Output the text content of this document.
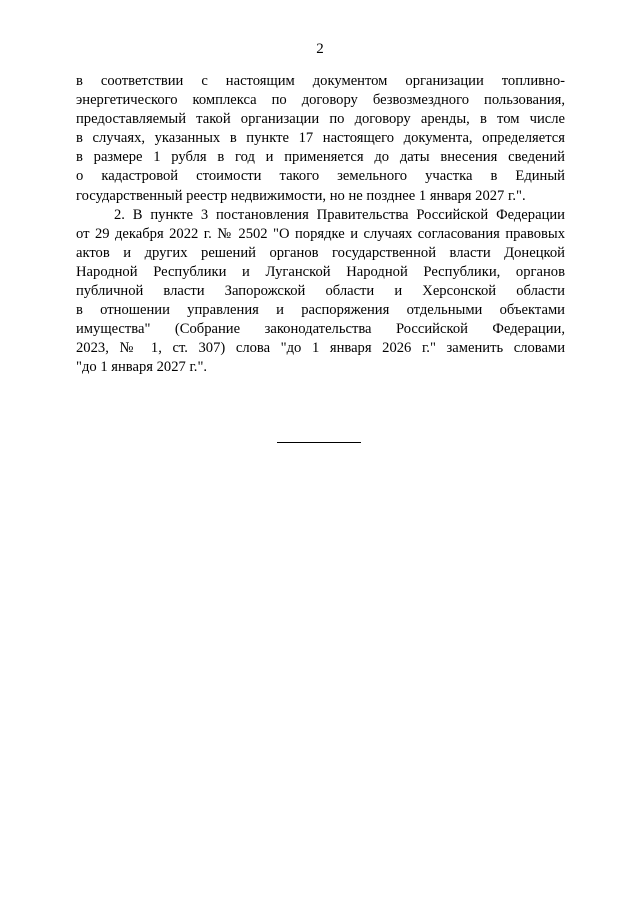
2
в соответствии с настоящим документом организации топливно-
энергетического комплекса по договору безвозмездного пользования,
предоставляемый такой организации по договору аренды, в том числе
в случаях, указанных в пункте 17 настоящего документа, определяется
в размере 1 рубля в год и применяется до даты внесения сведений
о кадастровой стоимости такого земельного участка в Единый
государственный реестр недвижимости, но не позднее 1 января 2027 г.".
2. В пункте 3 постановления Правительства Российской Федерации
от 29 декабря 2022 г. № 2502 "О порядке и случаях согласования правовых
актов и других решений органов государственной власти Донецкой
Народной Республики и Луганской Народной Республики, органов
публичной власти Запорожской области и Херсонской области
в отношении управления и распоряжения отдельными объектами
имущества" (Собрание законодательства Российской Федерации,
2023, № 1, ст. 307) слова "до 1 января 2026 г." заменить словами
"до 1 января 2027 г.".
